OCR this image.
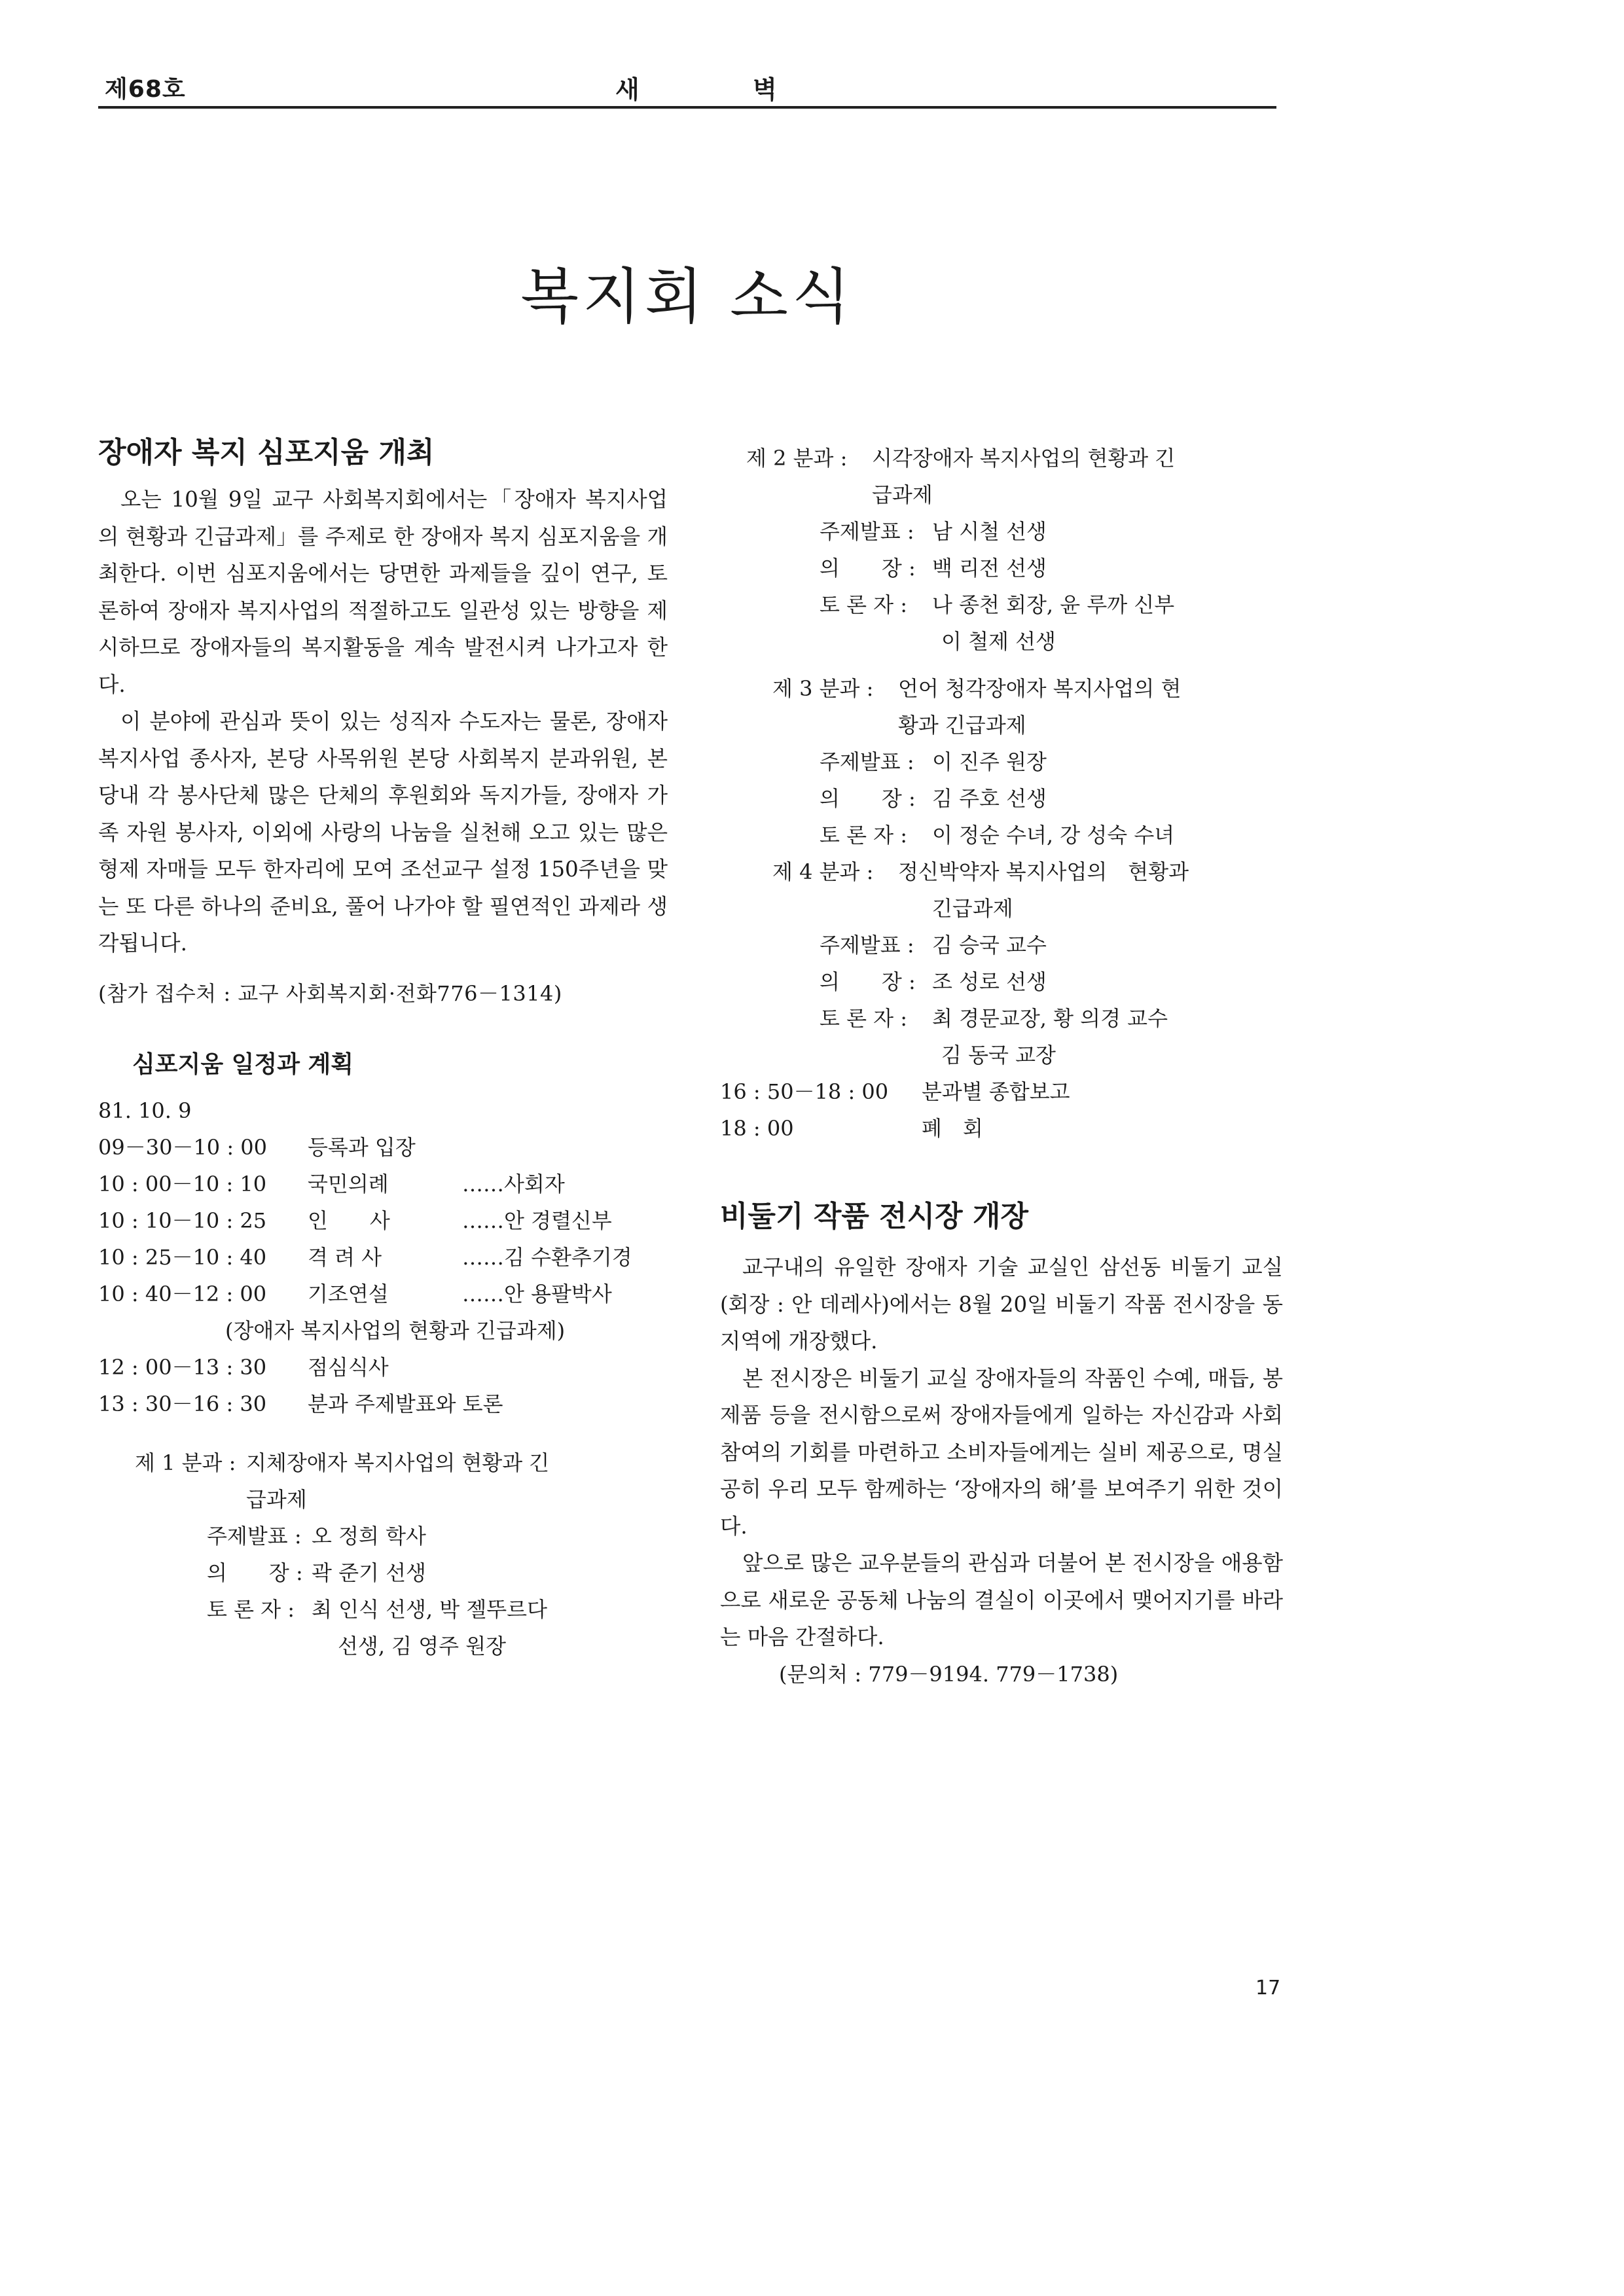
제68호	새 벽
복지회 소식
장애자 복지 심포지움 개최

오는 10월 9일 교구 사회복지회에서는「장애자 복지사업의 현황과 긴급과제」를 주제로 한 장애자 복지 심포지움을 개최한다. 이번 심포지움에서는 당면한 과제들을 깊이 연구, 토론하여 장애자 복지사업의 적절하고도 일관성 있는 방향을 제시하므로 장애자들의 복지활동을 계속 발전시켜 나가고자 한다.

이 분야에 관심과 뜻이 있는 성직자 수도자는 물론, 장애자 복지사업 종사자, 본당 사목위원 본당 사회복지 분과위원, 본당내 각 봉사단체 많은 단체의 후원회와 독지가들, 장애자 가족 자원 봉사자, 이외에 사랑의 나눔을 실천해 오고 있는 많은 형제 자매들 모두 한자리에 모여 조선교구 설정 150주년을 맞는 또 다른 하나의 준비요, 풀어 나가야 할 필연적인 과제라 생각됩니다.

(참가 접수처 : 교구 사회복지회·전화776－1314)
심포지움 일정과 계획
81. 10. 9
09－30－10 : 00 등록과 입장
10 : 00－10 : 10 국민의례	……사회자
10 : 10－10 : 25 인　　사	……안 경렬신부
10 : 25－10 : 40 격 려 사	……김 수환추기경
10 : 40－12 : 00 기조연설	……안 용팔박사
(장애자 복지사업의 현황과 긴급과제)
12 : 00－13 : 30 점심식사
13 : 30－16 : 30 분과 주제발표와 토론
제 1 분과 : 지체장애자 복지사업의 현황과 긴
급과제
주제발표 : 오 정희 학사
의　　장 : 곽 준기 선생
토 론 자 : 최 인식 선생, 박 젤뚜르다
선생, 김 영주 원장
제 2 분과 : 시각장애자 복지사업의 현황과 긴
급과제
주제발표 : 남 시철 선생
의　　장 : 백 리전 선생
토 론 자 : 나 종천 회장, 윤 루까 신부
이 철제 선생
제 3 분과 : 언어 청각장애자 복지사업의 현
황과 긴급과제
주제발표 : 이 진주 원장
의　　장 : 김 주호 선생
토 론 자 : 이 정순 수녀, 강 성숙 수녀
제 4 분과 : 정신박약자 복지사업의　현황과
긴급과제
주제발표 : 김 승국 교수
의　　장 : 조 성로 선생
토 론 자 : 최 경문교장, 황 의경 교수
김 동국 교장
16 : 50－18 : 00 분과별 종합보고
18 : 00	폐　회
비둘기 작품 전시장 개장

교구내의 유일한 장애자 기술 교실인 삼선동 비둘기 교실(회장 : 안 데레사)에서는 8월 20일 비둘기 작품 전시장을 동지역에 개장했다.

본 전시장은 비둘기 교실 장애자들의 작품인 수예, 매듭, 봉제품 등을 전시함으로써 장애자들에게 일하는 자신감과 사회 참여의 기회를 마련하고 소비자들에게는 실비 제공으로, 명실공히 우리 모두 함께하는 ‘장애자의 해’를 보여주기 위한 것이다.

앞으로 많은 교우분들의 관심과 더불어 본 전시장을 애용함으로 새로운 공동체 나눔의 결실이 이곳에서 맺어지기를 바라는 마음 간절하다.

(문의처 : 779－9194. 779－1738)
17
